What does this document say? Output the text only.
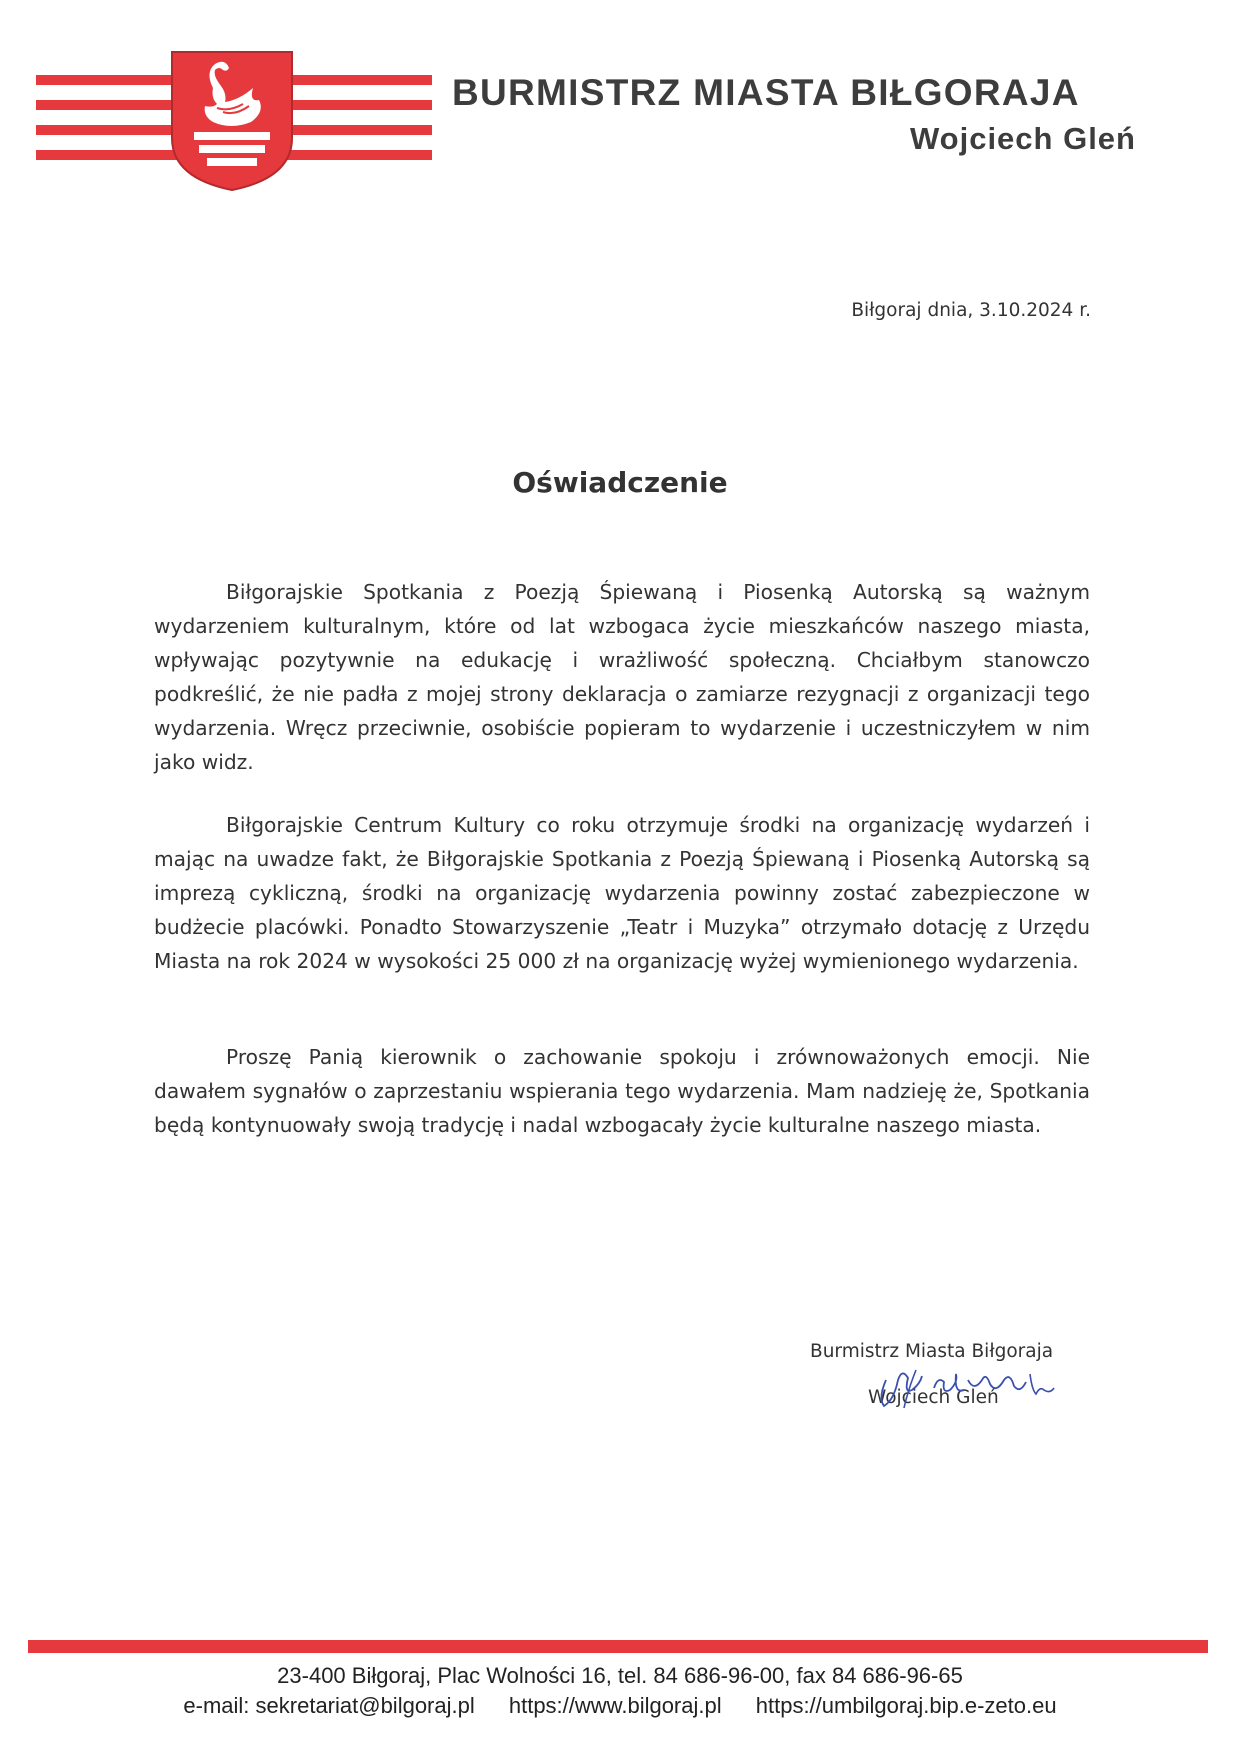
BURMISTRZ MIASTA BIŁGORAJA
Wojciech Gleń
Biłgoraj dnia, 3.10.2024 r.
Oświadczenie

Biłgorajskie Spotkania z Poezją Śpiewaną i Piosenką Autorską są ważnym wydarzeniem kulturalnym, które od lat wzbogaca życie mieszkańców naszego miasta, wpływając pozytywnie na edukację i wrażliwość społeczną. Chciałbym stanowczo podkreślić, że nie padła z mojej strony deklaracja o zamiarze rezygnacji z organizacji tego wydarzenia. Wręcz przeciwnie, osobiście popieram to wydarzenie i uczestniczyłem w nim jako widz.

Biłgorajskie Centrum Kultury co roku otrzymuje środki na organizację wydarzeń i mając na uwadze fakt, że Biłgorajskie Spotkania z Poezją Śpiewaną i Piosenką Autorską są imprezą cykliczną, środki na organizację wydarzenia powinny zostać zabezpieczone w budżecie placówki. Ponadto Stowarzyszenie „Teatr i Muzyka” otrzymało dotację z Urzędu Miasta na rok 2024 w wysokości 25 000 zł na organizację wyżej wymienionego wydarzenia.

Proszę Panią kierownik o zachowanie spokoju i zrównoważonych emocji. Nie dawałem sygnałów o zaprzestaniu wspierania tego wydarzenia. Mam nadzieję że, Spotkania będą kontynuowały swoją tradycję i nadal wzbogacały życie kulturalne naszego miasta.

Burmistrz Miasta Biłgoraja
Wojciech Gleń
23-400 Biłgoraj, Plac Wolności 16, tel. 84 686-96-00, fax 84 686-96-65
e-mail: sekretariat@bilgoraj.pl https://www.bilgoraj.pl https://umbilgoraj.bip.e-zeto.eu
